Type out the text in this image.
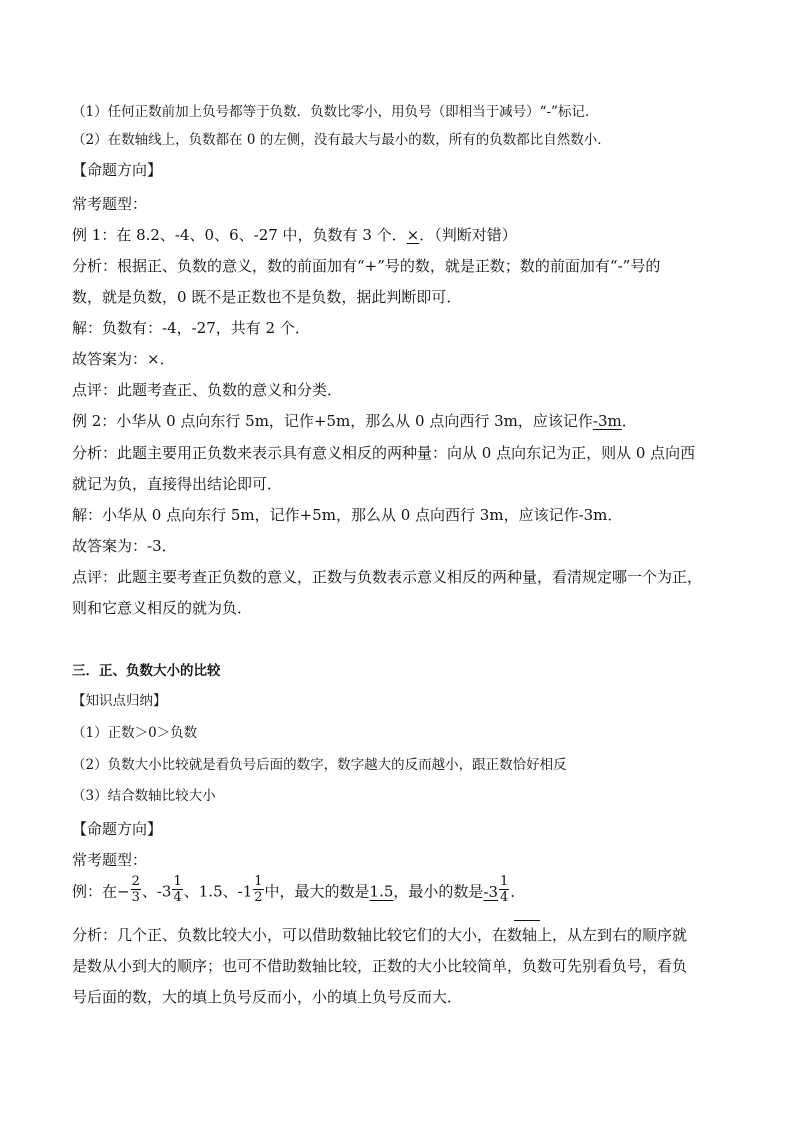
（1）任何正数前加上负号都等于负数．负数比零小，用负号（即相当于减号）“-”标记．
（2）在数轴线上，负数都在 0 的左侧，没有最大与最小的数，所有的负数都比自然数小．
【命题方向】
常考题型：
例 1：在 8.2、-4、0、6、-27 中，负数有 3 个．×．（判断对错）
分析：根据正、负数的意义，数的前面加有“+”号的数，就是正数；数的前面加有“-”号的
数，就是负数，0 既不是正数也不是负数，据此判断即可．
解：负数有：-4，-27，共有 2 个．
故答案为：×．
点评：此题考查正、负数的意义和分类．
例 2：小华从 0 点向东行 5m，记作+5m，那么从 0 点向西行 3m，应该记作-3m．
分析：此题主要用正负数来表示具有意义相反的两种量：向从 0 点向东记为正，则从 0 点向西
就记为负，直接得出结论即可．
解：小华从 0 点向东行 5m，记作+5m，那么从 0 点向西行 3m，应该记作-3m．
故答案为：-3．
点评：此题主要考查正负数的意义，正数与负数表示意义相反的两种量，看清规定哪一个为正，
则和它意义相反的就为负．
三．正、负数大小的比较
【知识点归纳】
（1）正数＞0＞负数
（2）负数大小比较就是看负号后面的数字，数字越大的反而越小，跟正数恰好相反
（3）结合数轴比较大小
【命题方向】
常考题型：
例：在− $\frac{2}{3}$ 、$-3 \frac{1}{4}$ 、1.5、$-1 \frac{1}{2}$ 中，最大的数是1.5，最小的数是$-3 \frac{1}{4}$ ．
分析：几个正、负数比较大小，可以借助数轴比较它们的大小，在数轴上，从左到右的顺序就
是数从小到大的顺序；也可不借助数轴比较，正数的大小比较简单，负数可先别看负号，看负
号后面的数，大的填上负号反而小，小的填上负号反而大．
